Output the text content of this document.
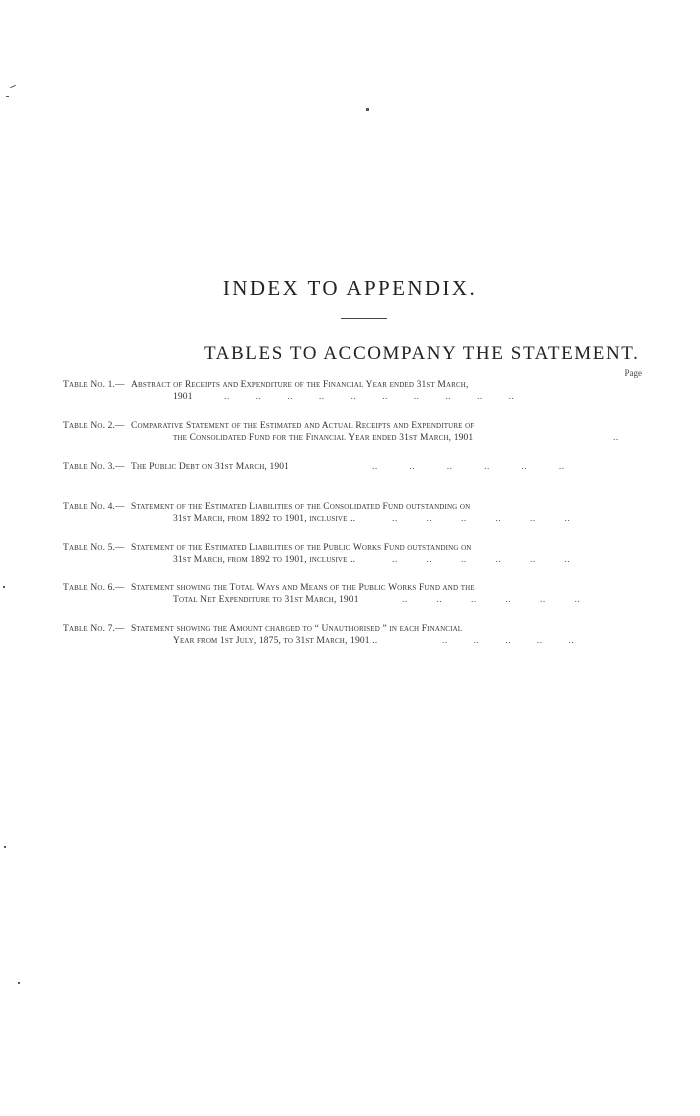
INDEX TO APPENDIX.
TABLES TO ACCOMPANY THE STATEMENT.
Page
Table No. 1.— Abstract of Receipts and Expenditure of the Financial Year ended 31st March,
1901	..         ..         ..         ..         ..         ..         ..         ..         ..         ..
Table No. 2.— Comparative Statement of the Estimated and Actual Receipts and Expenditure of
the Consolidated Fund for the Financial Year ended 31st March, 1901	..
Table No. 3.— The Public Debt on 31st March, 1901	..           ..           ..           ..           ..           ..
Table No. 4.— Statement of the Estimated Liabilities of the Consolidated Fund outstanding on
31st March, from 1892 to 1901, inclusive ..	..          ..          ..          ..          ..          ..
Table No. 5.— Statement of the Estimated Liabilities of the Public Works Fund outstanding on
31st March, from 1892 to 1901, inclusive ..	..          ..          ..          ..          ..          ..
Table No. 6.— Statement showing the Total Ways and Means of the Public Works Fund and the
Total Net Expenditure to 31st March, 1901	..          ..          ..          ..          ..          ..
Table No. 7.— Statement showing the Amount charged to “ Unauthorised ” in each Financial
Year from 1st July, 1875, to 31st March, 1901 ..	..         ..         ..         ..         ..
